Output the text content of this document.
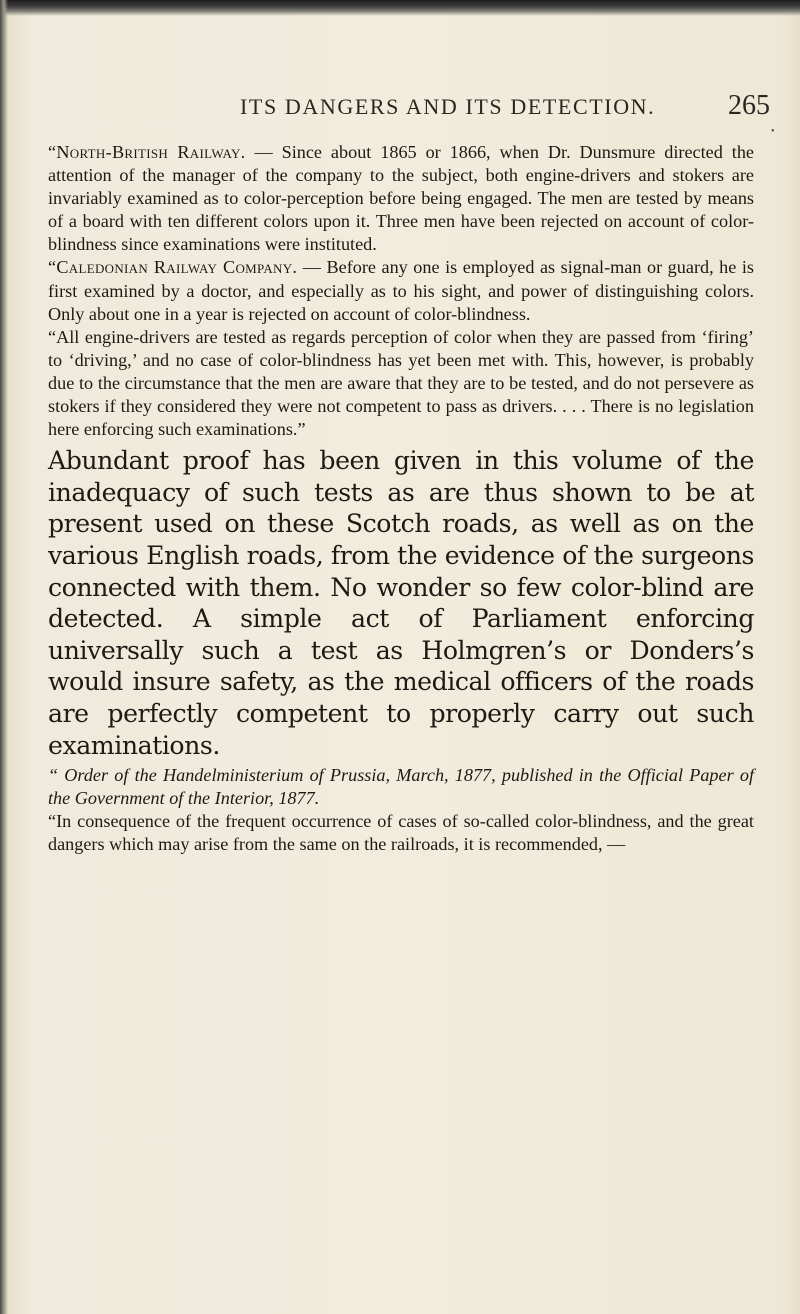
ITS DANGERS AND ITS DETECTION.	265
•

“North-British Railway. — Since about 1865 or 1866, when Dr. Dunsmure directed the attention of the manager of the company to the subject, both engine-drivers and stokers are invariably examined as to color-perception before being engaged. The men are tested by means of a board with ten different colors upon it. Three men have been rejected on account of color-blindness since examinations were instituted.

“Caledonian Railway Company. — Before any one is employed as signal-man or guard, he is first examined by a doctor, and especially as to his sight, and power of distinguishing colors. Only about one in a year is rejected on account of color-blindness.

“All engine-drivers are tested as regards perception of color when they are passed from ‘firing’ to ‘driving,’ and no case of color-blindness has yet been met with. This, however, is probably due to the circumstance that the men are aware that they are to be tested, and do not persevere as stokers if they considered they were not competent to pass as drivers. . . . There is no legislation here enforcing such examinations.”

Abundant proof has been given in this volume of the inadequacy of such tests as are thus shown to be at present used on these Scotch roads, as well as on the various English roads, from the evidence of the surgeons connected with them. No wonder so few color-blind are detected. A simple act of Parliament enforcing universally such a test as Holmgren’s or Donders’s would insure safety, as the medical officers of the roads are perfectly competent to properly carry out such examinations.

“ Order of the Handelministerium of Prussia, March, 1877, published in the Official Paper of the Government of the Interior, 1877.

“In consequence of the frequent occurrence of cases of so-called color-blindness, and the great dangers which may arise from the same on the railroads, it is recommended, —
